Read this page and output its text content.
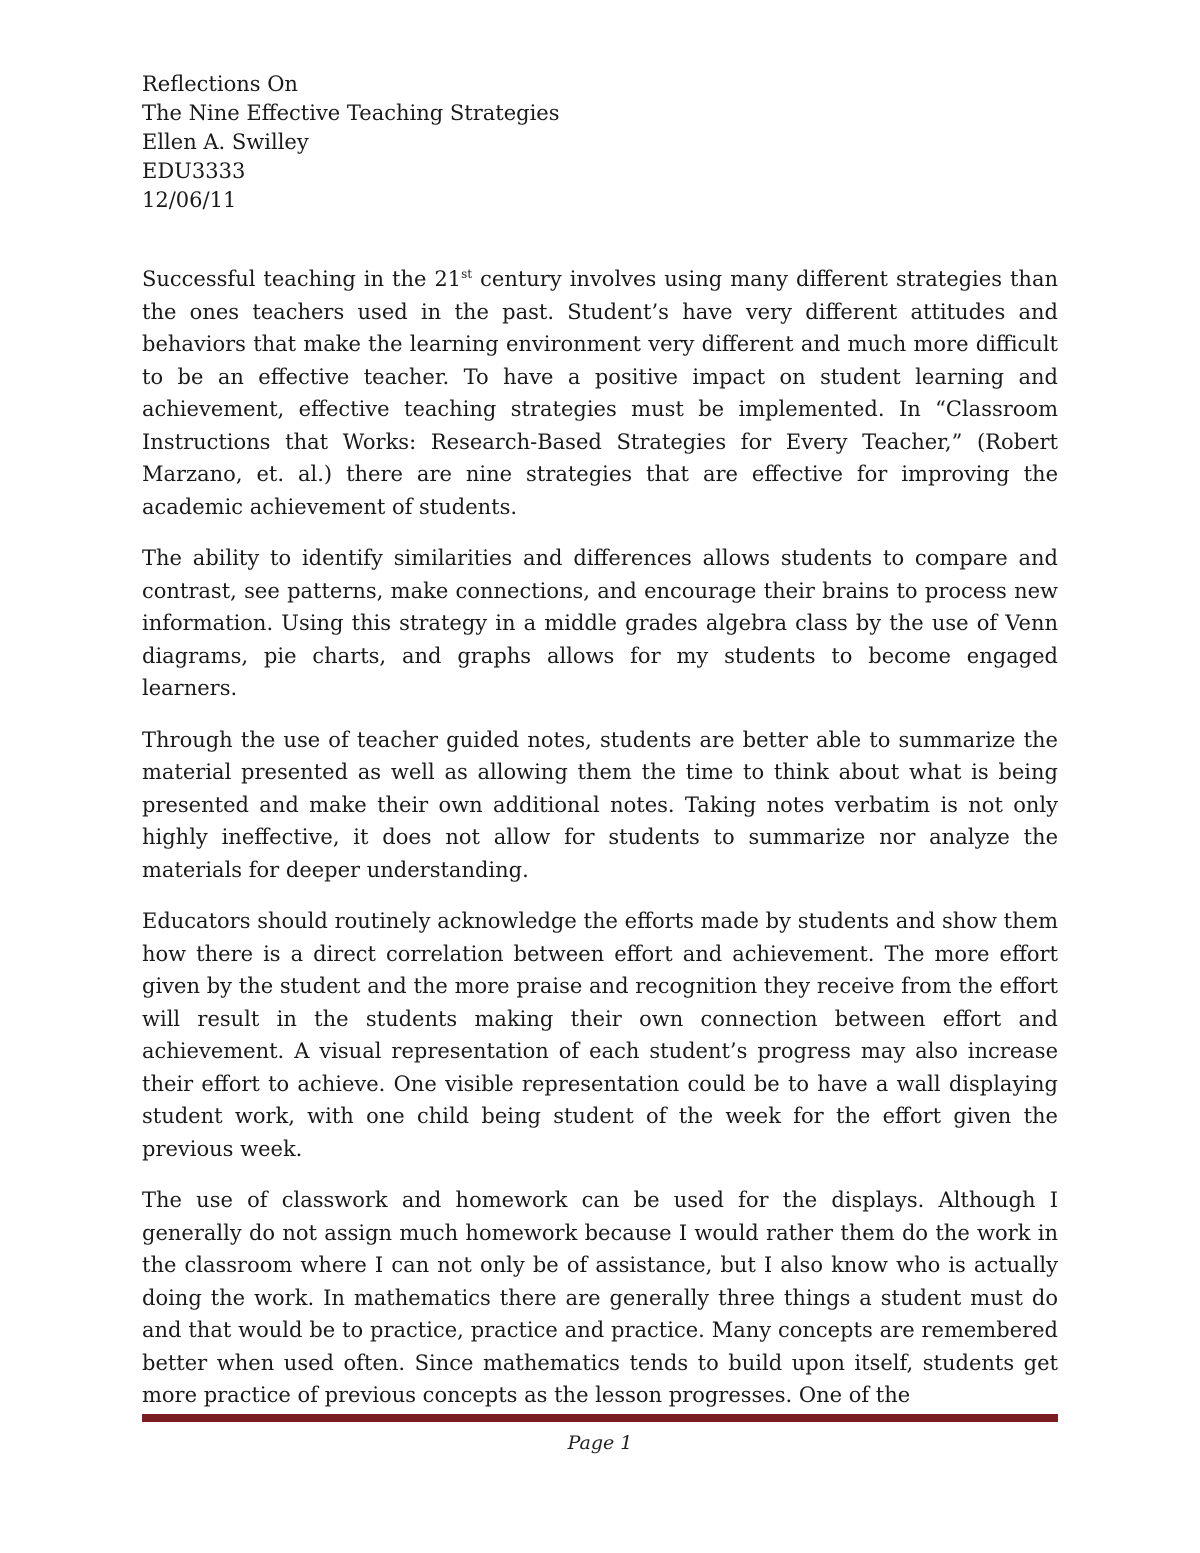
Reflections On
The Nine Effective Teaching Strategies
Ellen A. Swilley
EDU3333
12/06/11

Successful teaching in the 21st century involves using many different strategies than the ones teachers used in the past. Student’s have very different attitudes and behaviors that make the learning environment very different and much more difficult to be an effective teacher. To have a positive impact on student learning and achievement, effective teaching strategies must be implemented. In “Classroom Instructions that Works: Research-Based Strategies for Every Teacher,” (Robert Marzano, et. al.) there are nine strategies that are effective for improving the academic achievement of students.

The ability to identify similarities and differences allows students to compare and contrast, see patterns, make connections, and encourage their brains to process new information. Using this strategy in a middle grades algebra class by the use of Venn diagrams, pie charts, and graphs allows for my students to become engaged learners.

Through the use of teacher guided notes, students are better able to summarize the material presented as well as allowing them the time to think about what is being presented and make their own additional notes. Taking notes verbatim is not only highly ineffective, it does not allow for students to summarize nor analyze the materials for deeper understanding.

Educators should routinely acknowledge the efforts made by students and show them how there is a direct correlation between effort and achievement. The more effort given by the student and the more praise and recognition they receive from the effort will result in the students making their own connection between effort and achievement. A visual representation of each student’s progress may also increase their effort to achieve. One visible representation could be to have a wall displaying student work, with one child being student of the week for the effort given the previous week.

The use of classwork and homework can be used for the displays. Although I generally do not assign much homework because I would rather them do the work in the classroom where I can not only be of assistance, but I also know who is actually doing the work. In mathematics there are generally three things a student must do and that would be to practice, practice and practice. Many concepts are remembered better when used often. Since mathematics tends to build upon itself, students get more practice of previous concepts as the lesson progresses. One of the

Page 1
